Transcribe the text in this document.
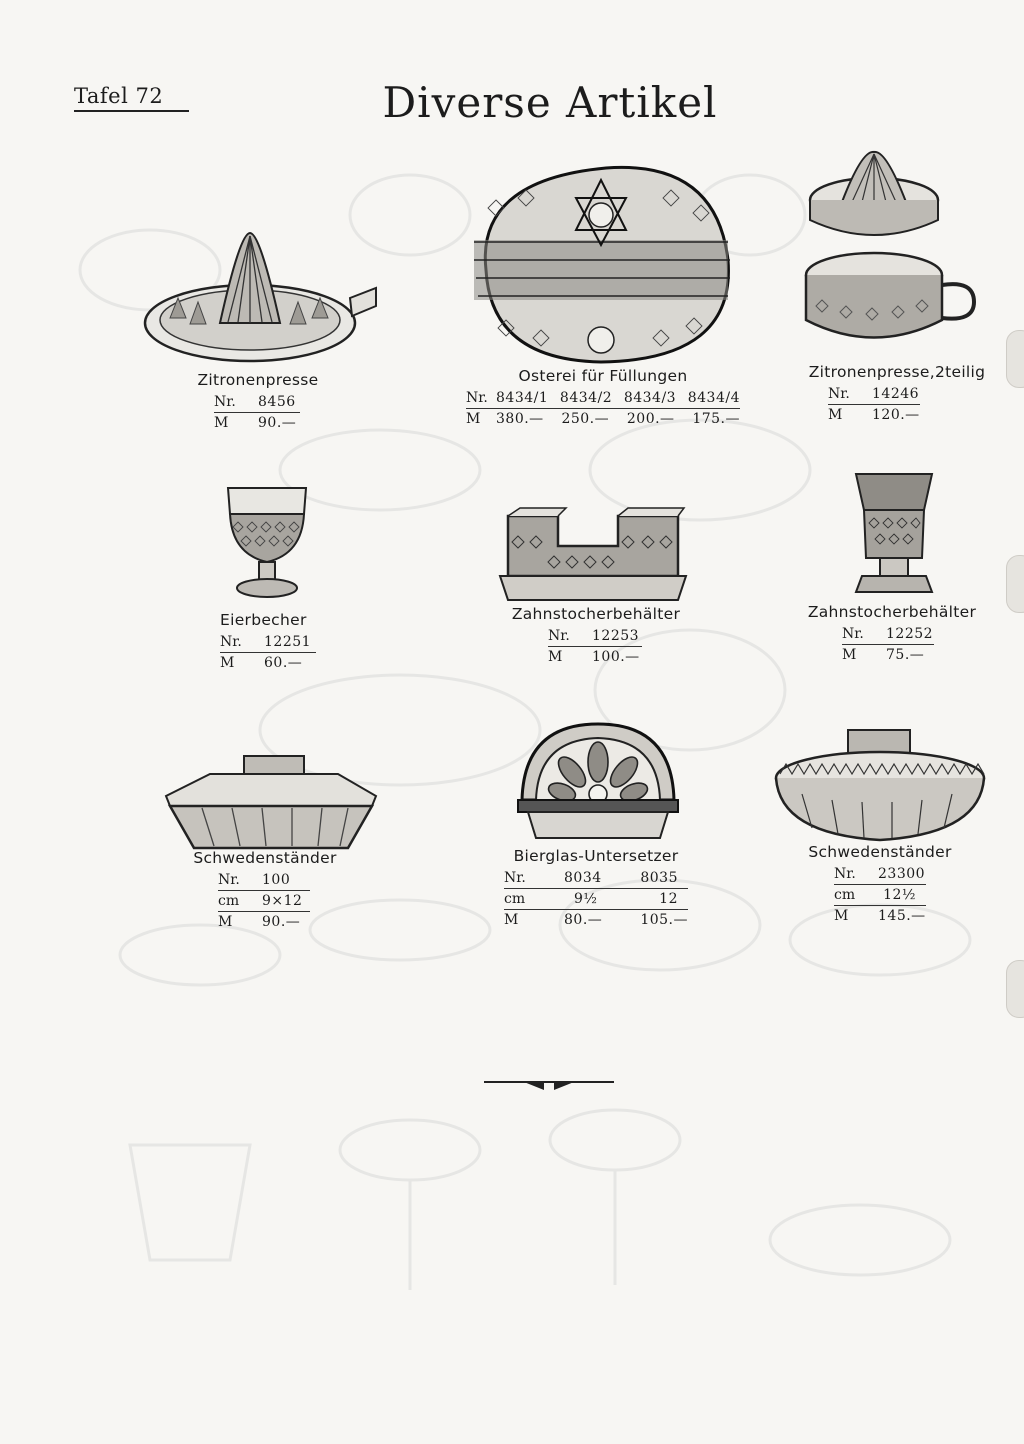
Tafel 72	Diverse Artikel
Zitronenpresse
Nr.	8456
M	90.—
Osterei für Füllungen
Nr. 8434/1 8434/2 8434/3 8434/4
M	380.— 250.— 200.— 175.—
Zitronenpresse,2teilig
Nr.	14246
M	120.—
Eierbecher
Nr.	12251
M	60.—
Zahnstocherbehälter
Nr.	12253
M	100.—
Zahnstocherbehälter
Nr.	12252
M	75.—
Schwedenständer
Nr.	100
cm	9×12
M	90.—
Bierglas-Untersetzer
Nr.	8034	8035
cm	9½	12
M	80.—	105.—
Schwedenständer
Nr.	23300
cm	12½
M	145.—
